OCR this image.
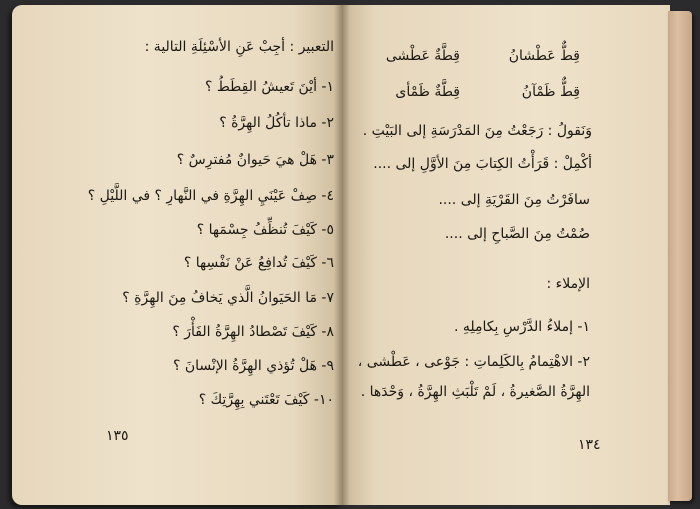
التعبير : أجِبْ عَنِ الأسْئِلَةِ التالية :
١- أيْنَ تَعيشُ القِطَطُ ؟
٢- ماذا تأكُلُ الهِرَّةُ ؟
٣- هَلْ هيَ حَيوانٌ مُفترِسٌ ؟
٤- صِفْ عَيْنَيِ الهِرَّةِ في النَّهارِ ؟ في اللَّيْلِ ؟
٥- كَيْفَ تُنظِّفُ جِسْمَها ؟
٦- كَيْفَ تُدافِعُ عَنْ نَفْسِها ؟
٧- مَا الحَيَوانُ الَّذي يَخافُ مِنَ الهِرَّةِ ؟
٨- كَيْفَ تَصْطادُ الهِرَّةُ الفَأْرَ ؟
٩- هَلْ تُؤذي الهِرَّةُ الإنْسانَ ؟
١٠- كَيْفَ تَعْتَني بِهِرَّتِكَ ؟
١٣٥
قِطَّةٌ عَطْشى	قِطٌّ عَطْشانُ
قِطَّةٌ ظَمْأى	قِطٌّ ظَمْآنُ
وَنَقولُ : رَجَعْتُ مِنَ المَدْرَسَةِ إلى البَيْتِ .
أكْمِلْ : قَرَأْتُ الكِتابَ مِنَ الأوَّلِ إلى ....
سافَرْتُ مِنَ القَرْيَةِ إلى ....
صُمْتُ مِنَ الصَّباحِ إلى ....
الإملاء :
١- إملاءُ الدَّرْسِ بِكامِلِهِ .
٢- الاهْتِمامُ بِالكَلِماتِ : جَوْعى ، عَطْشى ،
الهِرَّةُ الصَّغيرةُ ، لَمْ تَلْبَثِ الهِرَّةُ ، وَحْدَها .
١٣٤
